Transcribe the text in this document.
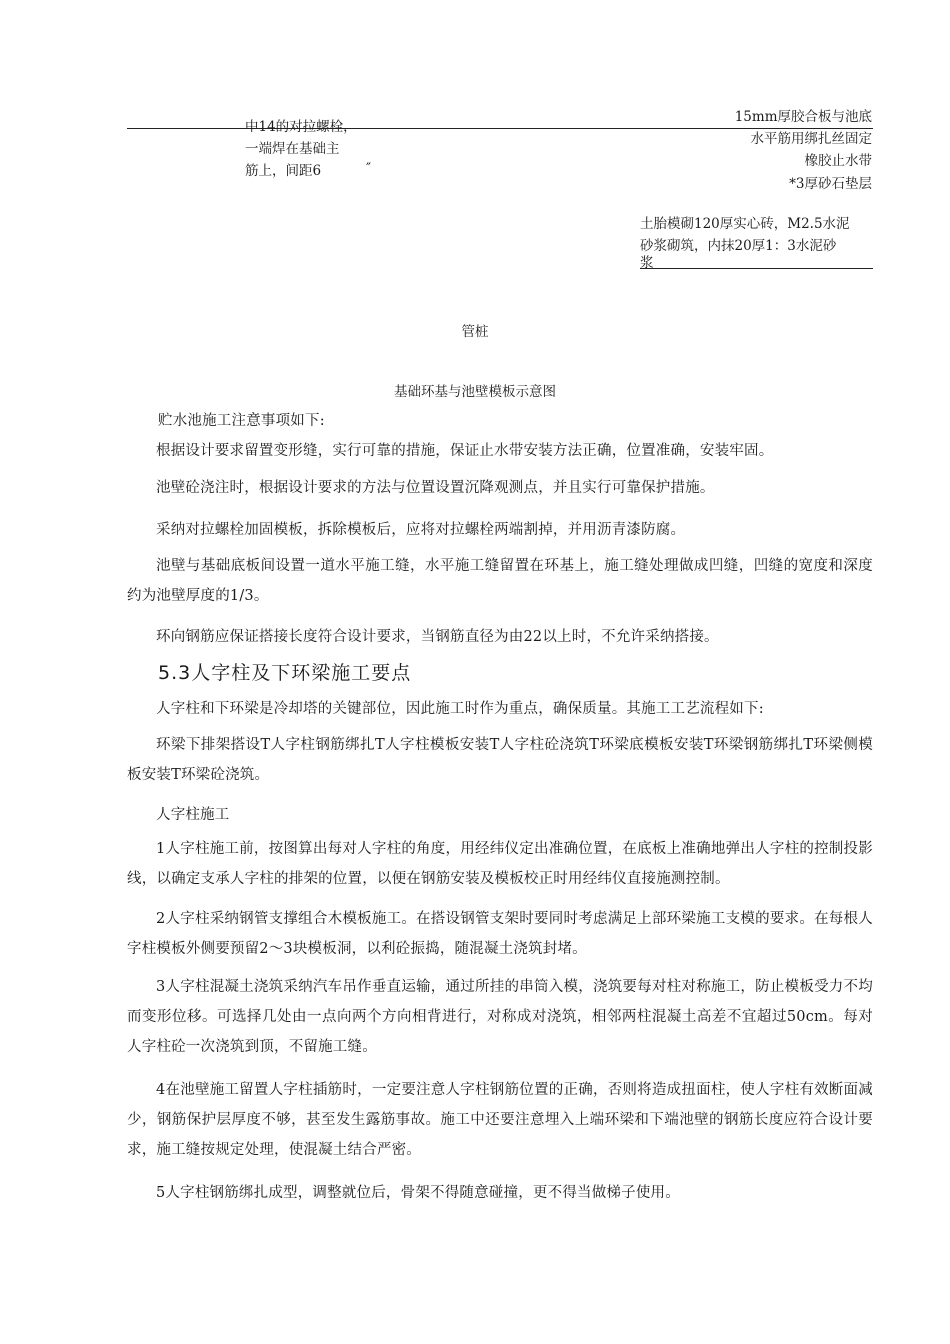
中14的对拉螺栓，
一端焊在基础主
筋上，间距6	″
15mm厚胶合板与池底
水平筋用绑扎丝固定
橡胶止水带
*3厚砂石垫层
土胎模砌120厚实心砖，M2.5水泥
砂浆砌筑，内抹20厚1：3水泥砂
浆
管桩
基础环基与池壁模板示意图
贮水池施工注意事项如下:
根据设计要求留置变形缝，实行可靠的措施，保证止水带安装方法正确，位置准确，安装牢固。
池壁砼浇注时，根据设计要求的方法与位置设置沉降观测点，并且实行可靠保护措施。
采纳对拉螺栓加固模板，拆除模板后，应将对拉螺栓两端割掉，并用沥青漆防腐。
池壁与基础底板间设置一道水平施工缝，水平施工缝留置在环基上，施工缝处理做成凹缝，凹缝的宽度和深度约为池壁厚度的1/3。
环向钢筋应保证搭接长度符合设计要求，当钢筋直径为由22以上时，不允许采纳搭接。
5.3人字柱及下环梁施工要点
人字柱和下环梁是冷却塔的关键部位，因此施工时作为重点，确保质量。其施工工艺流程如下:
环梁下排架搭设T人字柱钢筋绑扎T人字柱模板安装T人字柱砼浇筑T环梁底模板安装T环梁钢筋绑扎T环梁侧模板安装T环梁砼浇筑。
人字柱施工
1人字柱施工前，按图算出每对人字柱的角度，用经纬仪定出准确位置，在底板上准确地弹出人字柱的控制投影线，以确定支承人字柱的排架的位置，以便在钢筋安装及模板校正时用经纬仪直接施测控制。
2人字柱采纳钢管支撑组合木模板施工。在搭设钢管支架时要同时考虑满足上部环梁施工支模的要求。在每根人字柱模板外侧要预留2〜3块模板洞，以利砼振捣，随混凝土浇筑封堵。
3人字柱混凝土浇筑采纳汽车吊作垂直运输，通过所挂的串筒入模，浇筑要每对柱对称施工，防止模板受力不均而变形位移。可选择几处由一点向两个方向相背进行，对称成对浇筑，相邻两柱混凝土高差不宜超过50cm。每对人字柱砼一次浇筑到顶，不留施工缝。
4在池壁施工留置人字柱插筋时，一定要注意人字柱钢筋位置的正确，否则将造成扭面柱，使人字柱有效断面减少，钢筋保护层厚度不够，甚至发生露筋事故。施工中还要注意埋入上端环梁和下端池壁的钢筋长度应符合设计要求，施工缝按规定处理，使混凝土结合严密。
5人字柱钢筋绑扎成型，调整就位后，骨架不得随意碰撞，更不得当做梯子使用。
